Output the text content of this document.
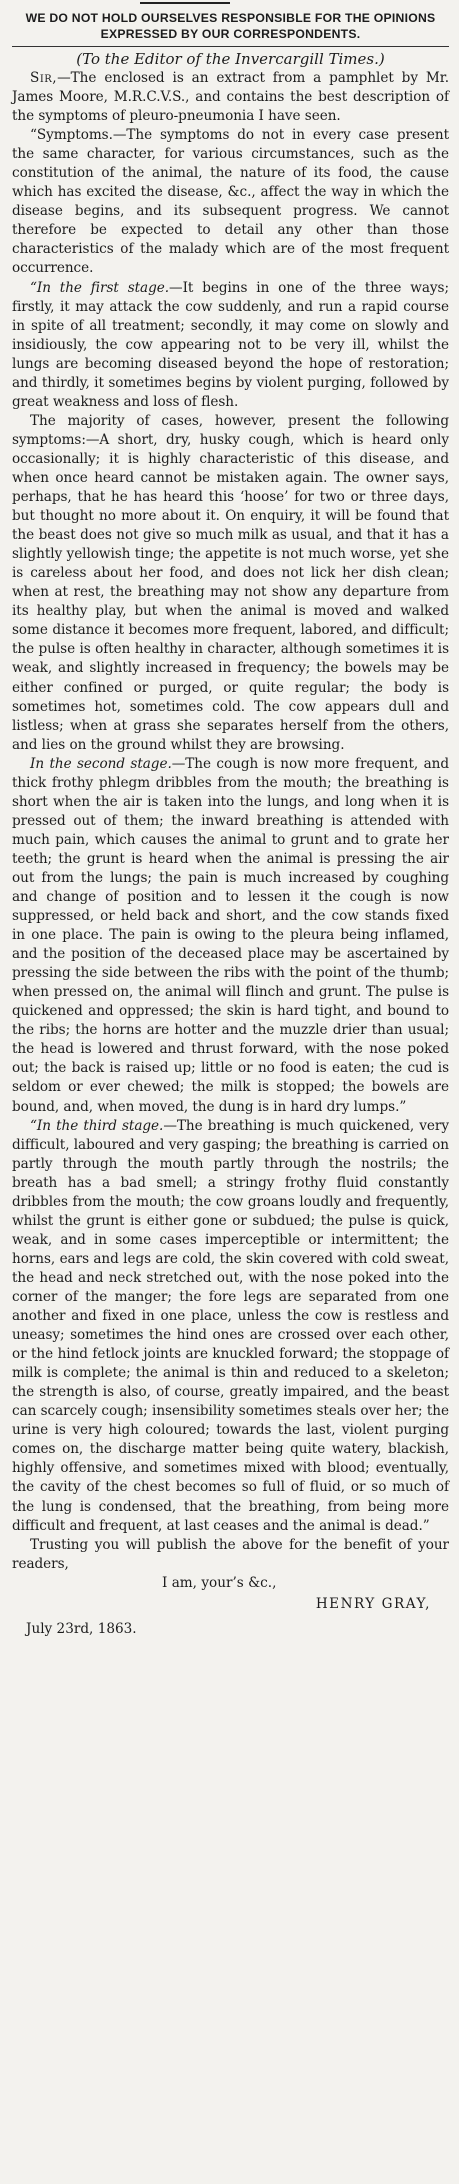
WE DO NOT HOLD OURSELVES RESPONSIBLE FOR THE OPINIONS EXPRESSED BY OUR CORRESPONDENTS.
(To the Editor of the Invercargill Times.)

Sir,—The enclosed is an extract from a pamphlet by Mr. James Moore, M.R.C.V.S., and contains the best description of the symptoms of pleuro-pneumonia I have seen.

“Symptoms.—The symptoms do not in every case present the same character, for various circumstances, such as the constitution of the animal, the nature of its food, the cause which has excited the disease, &c., affect the way in which the disease begins, and its subsequent progress. We cannot therefore be expected to detail any other than those characteristics of the malady which are of the most frequent occurrence.

“In the first stage.—It begins in one of the three ways; firstly, it may attack the cow suddenly, and run a rapid course in spite of all treatment; secondly, it may come on slowly and insidiously, the cow appearing not to be very ill, whilst the lungs are becoming diseased beyond the hope of restoration; and thirdly, it sometimes begins by violent purging, followed by great weakness and loss of flesh.

The majority of cases, however, present the following symptoms:—A short, dry, husky cough, which is heard only occasionally; it is highly characteristic of this disease, and when once heard cannot be mistaken again. The owner says, perhaps, that he has heard this ‘hoose’ for two or three days, but thought no more about it. On enquiry, it will be found that the beast does not give so much milk as usual, and that it has a slightly yellowish tinge; the appetite is not much worse, yet she is careless about her food, and does not lick her dish clean; when at rest, the breathing may not show any departure from its healthy play, but when the animal is moved and walked some distance it becomes more frequent, labored, and difficult; the pulse is often healthy in character, although sometimes it is weak, and slightly increased in frequency; the bowels may be either confined or purged, or quite regular; the body is sometimes hot, sometimes cold. The cow appears dull and listless; when at grass she separates herself from the others, and lies on the ground whilst they are browsing.

In the second stage.—The cough is now more frequent, and thick frothy phlegm dribbles from the mouth; the breathing is short when the air is taken into the lungs, and long when it is pressed out of them; the inward breathing is attended with much pain, which causes the animal to grunt and to grate her teeth; the grunt is heard when the animal is pressing the air out from the lungs; the pain is much increased by coughing and change of position and to lessen it the cough is now suppressed, or held back and short, and the cow stands fixed in one place. The pain is owing to the pleura being inflamed, and the position of the deceased place may be ascertained by pressing the side between the ribs with the point of the thumb; when pressed on, the animal will flinch and grunt. The pulse is quickened and oppressed; the skin is hard tight, and bound to the ribs; the horns are hotter and the muzzle drier than usual; the head is lowered and thrust forward, with the nose poked out; the back is raised up; little or no food is eaten; the cud is seldom or ever chewed; the milk is stopped; the bowels are bound, and, when moved, the dung is in hard dry lumps.”

“In the third stage.—The breathing is much quickened, very difficult, laboured and very gasping; the breathing is carried on partly through the mouth partly through the nostrils; the breath has a bad smell; a stringy frothy fluid constantly dribbles from the mouth; the cow groans loudly and frequently, whilst the grunt is either gone or subdued; the pulse is quick, weak, and in some cases imperceptible or intermittent; the horns, ears and legs are cold, the skin covered with cold sweat, the head and neck stretched out, with the nose poked into the corner of the manger; the fore legs are separated from one another and fixed in one place, unless the cow is restless and uneasy; sometimes the hind ones are crossed over each other, or the hind fetlock joints are knuckled forward; the stoppage of milk is complete; the animal is thin and reduced to a skeleton; the strength is also, of course, greatly impaired, and the beast can scarcely cough; insensibility sometimes steals over her; the urine is very high coloured; towards the last, violent purging comes on, the discharge matter being quite watery, blackish, highly offensive, and sometimes mixed with blood; eventually, the cavity of the chest becomes so full of fluid, or so much of the lung is condensed, that the breathing, from being more difficult and frequent, at last ceases and the animal is dead.”

Trusting you will publish the above for the benefit of your readers,

I am, your’s &c.,
HENRY GRAY,
July 23rd, 1863.
